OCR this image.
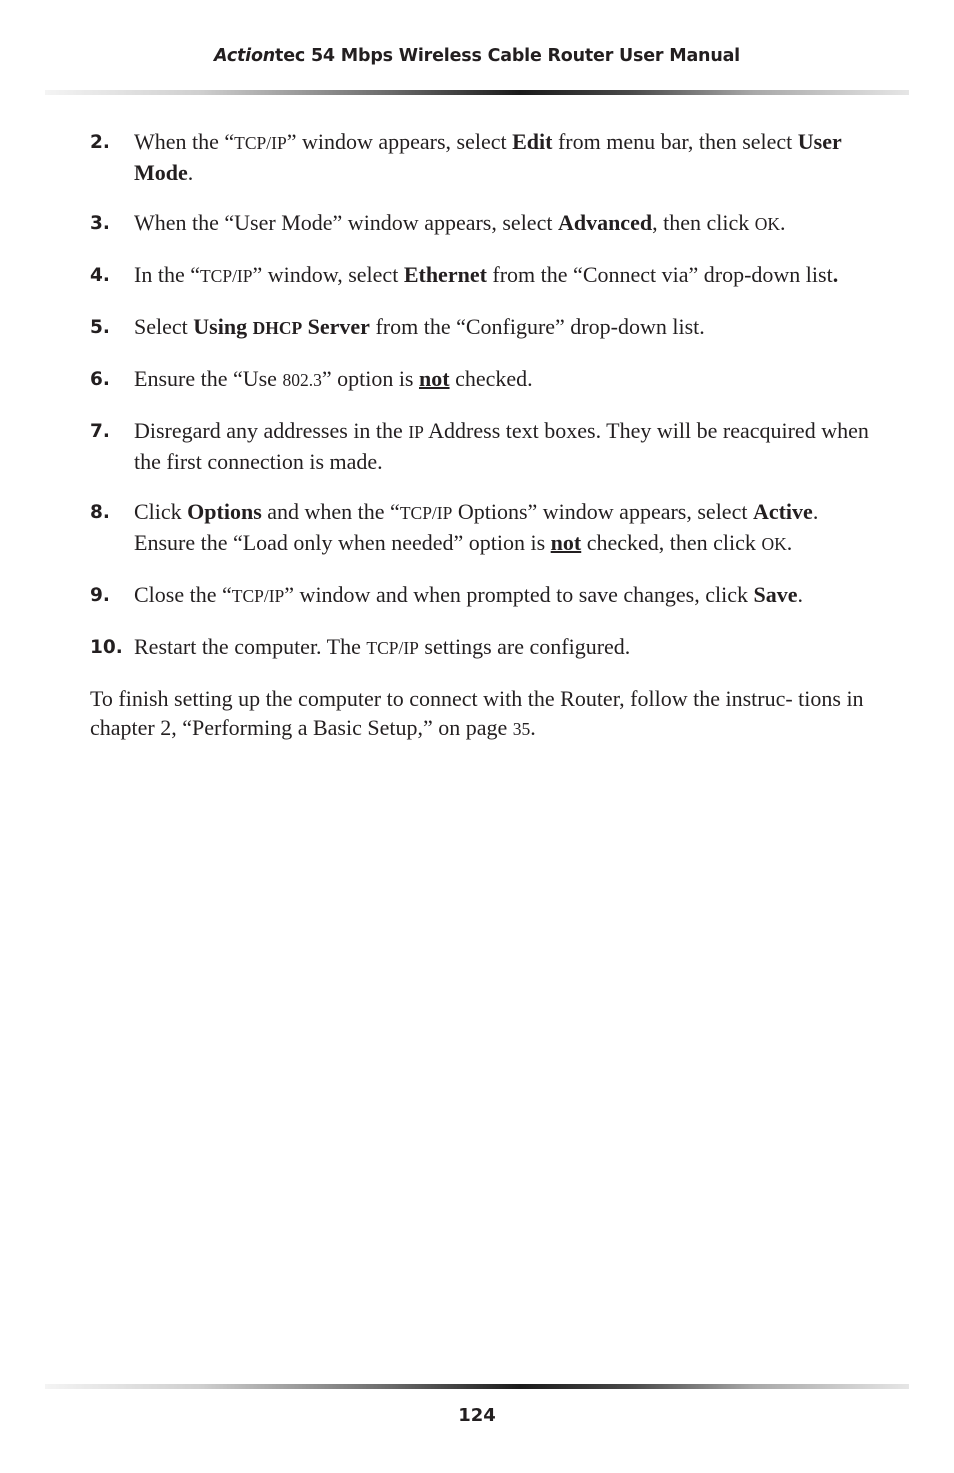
Actiontec 54 Mbps Wireless Cable Router User Manual
2. When the “TCP/IP” window appears, select Edit from menu bar, then select User Mode.
3. When the “User Mode” window appears, select Advanced, then click OK.
4. In the “TCP/IP” window, select Ethernet from the “Connect via” drop-down list.
5. Select Using DHCP Server from the “Configure” drop-down list.
6. Ensure the “Use 802.3” option is not checked.
7. Disregard any addresses in the IP Address text boxes. They will be reacquired when the first connection is made.
8. Click Options and when the “TCP/IP Options” window appears, select Active. Ensure the “Load only when needed” option is not checked, then click OK.
9. Close the “TCP/IP” window and when prompted to save changes, click Save.
10. Restart the computer. The TCP/IP settings are configured.

To finish setting up the computer to connect with the Router, follow the instruc- tions in chapter 2, “Performing a Basic Setup,” on page 35.

124
